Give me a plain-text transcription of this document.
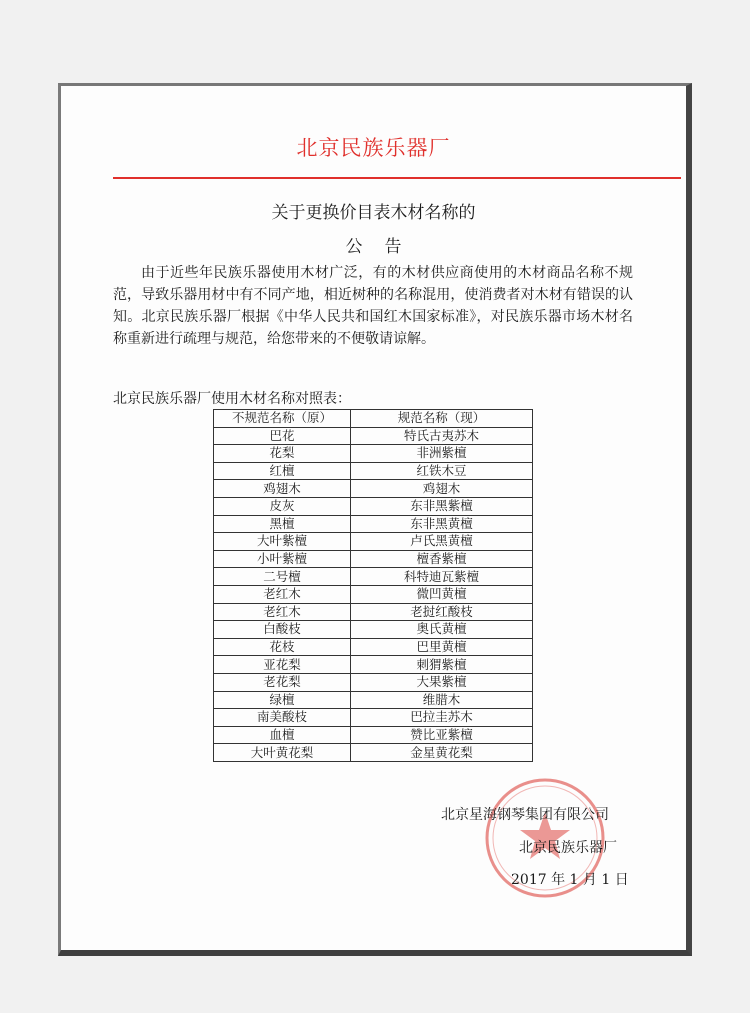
北京民族乐器厂
关于更换价目表木材名称的
公告
由于近些年民族乐器使用木材广泛，有的木材供应商使用的木材商品名称不规范，导致乐器用材中有不同产地，相近树种的名称混用，使消费者对木材有错误的认知。北京民族乐器厂根据《中华人民共和国红木国家标准》，对民族乐器市场木材名称重新进行疏理与规范，给您带来的不便敬请谅解。
北京民族乐器厂使用木材名称对照表：
不规范名称（原）	规范名称（现）
巴花	特氏古夷苏木
花梨	非洲紫檀
红檀	红铁木豆
鸡翅木	鸡翅木
皮灰	东非黑紫檀
黑檀	东非黑黄檀
大叶紫檀	卢氏黑黄檀
小叶紫檀	檀香紫檀
二号檀	科特迪瓦紫檀
老红木	微凹黄檀
老红木	老挝红酸枝
白酸枝	奥氏黄檀
花枝	巴里黄檀
亚花梨	刺猬紫檀
老花梨	大果紫檀
绿檀	维腊木
南美酸枝	巴拉圭苏木
血檀	赞比亚紫檀
大叶黄花梨	金星黄花梨
北京星海钢琴集团有限公司
北京民族乐器厂
2017 年 1 月 1 日
